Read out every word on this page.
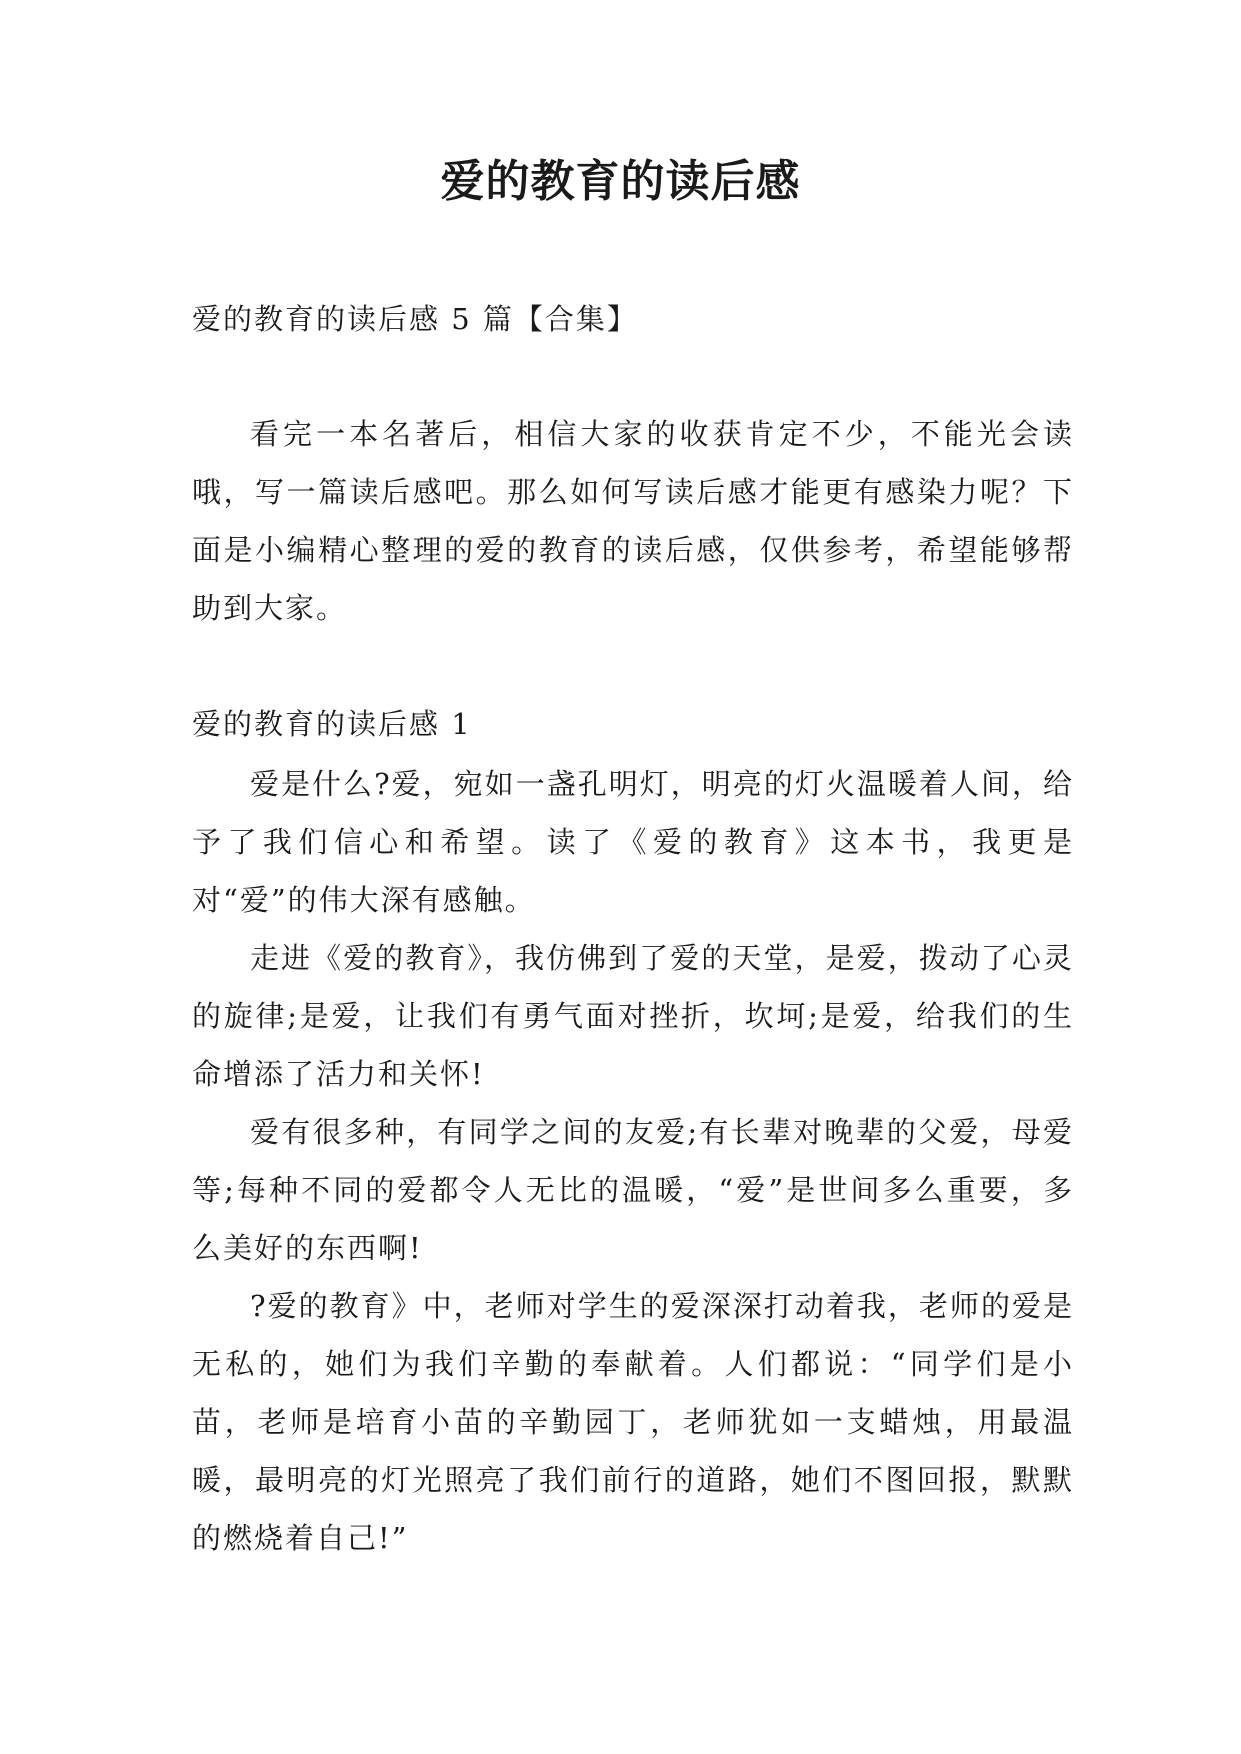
爱的教育的读后感
爱的教育的读后感 5 篇【合集】

看完一本名著后，相信大家的收获肯定不少，不能光会读哦，写一篇读后感吧。那么如何写读后感才能更有感染力呢？下面是小编精心整理的爱的教育的读后感，仅供参考，希望能够帮助到大家。

爱的教育的读后感 1

爱是什么?爱，宛如一盏孔明灯，明亮的灯火温暖着人间，给予了我们信心和希望。读了《爱的教育》这本书，我更是对“爱”的伟大深有感触。

走进《爱的教育》，我仿佛到了爱的天堂，是爱，拨动了心灵的旋律;是爱，让我们有勇气面对挫折，坎坷;是爱，给我们的生命增添了活力和关怀!

爱有很多种，有同学之间的友爱;有长辈对晚辈的父爱，母爱等;每种不同的爱都令人无比的温暖，“爱”是世间多么重要，多么美好的东西啊!

?爱的教育》中，老师对学生的爱深深打动着我，老师的爱是无私的，她们为我们辛勤的奉献着。人们都说：“同学们是小苗，老师是培育小苗的辛勤园丁，老师犹如一支蜡烛，用最温暖，最明亮的灯光照亮了我们前行的道路，她们不图回报，默默的燃烧着自己!”
